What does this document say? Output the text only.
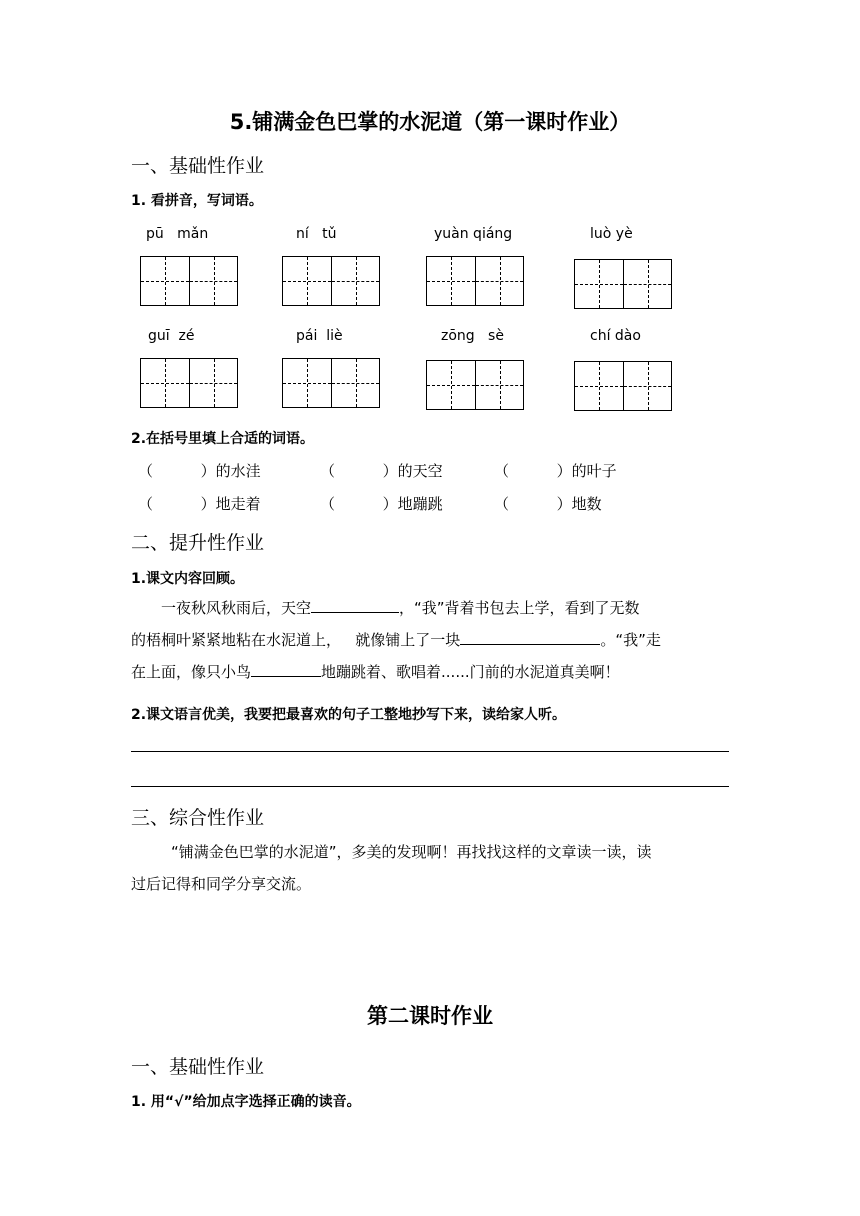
5.铺满金色巴掌的水泥道（第一课时作业）
一、基础性作业
1. 看拼音，写词语。
pū   mǎn	ní   tǔ	yuàn qiáng	luò yè
guī  zé	pái  liè	zōng   sè	chí dào
2.在括号里填上合适的词语。
（          ）的水洼	（          ）的天空	（          ）的叶子
（          ）地走着	（          ）地蹦跳	（          ）地数
二、提升性作业
1.课文内容回顾。
一夜秋风秋雨后，天空	，“我”背着书包去上学，看到了无数
的梧桐叶紧紧地粘在水泥道上，   就像铺上了一块	。“我”走
在上面，像只小鸟	地蹦跳着、歌唱着......门前的水泥道真美啊！
2.课文语言优美，我要把最喜欢的句子工整地抄写下来，读给家人听。
三、综合性作业
“铺满金色巴掌的水泥道”，多美的发现啊！再找找这样的文章读一读，读
过后记得和同学分享交流。
第二课时作业
一、基础性作业
1. 用“√”给加点字选择正确的读音。
